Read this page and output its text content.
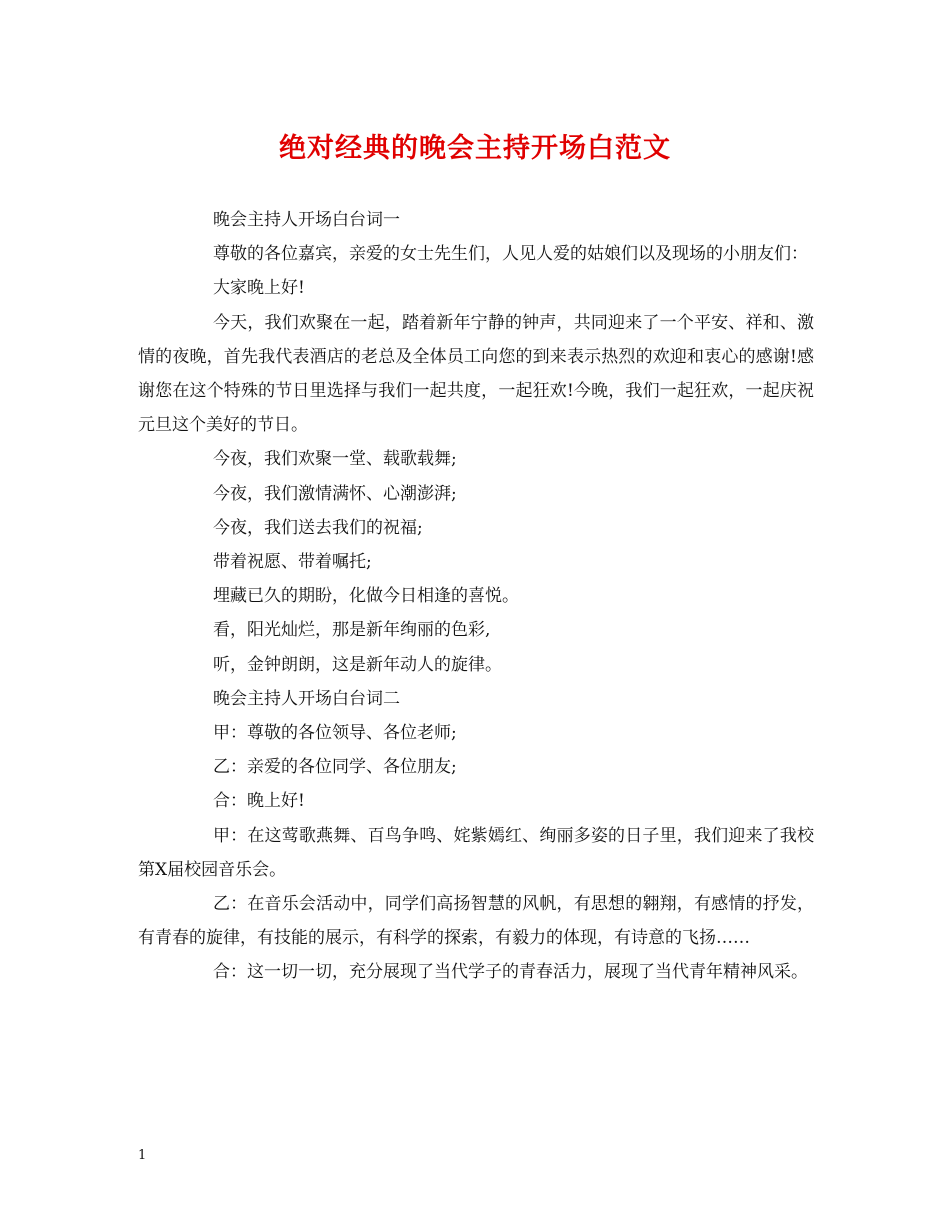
绝对经典的晚会主持开场白范文

晚会主持人开场白台词一

尊敬的各位嘉宾，亲爱的女士先生们，人见人爱的姑娘们以及现场的小朋友们：

大家晚上好!

今天，我们欢聚在一起，踏着新年宁静的钟声，共同迎来了一个平安、祥和、激情的夜晚，首先我代表酒店的老总及全体员工向您的到来表示热烈的欢迎和衷心的感谢!感谢您在这个特殊的节日里选择与我们一起共度，一起狂欢!今晚，我们一起狂欢，一起庆祝元旦这个美好的节日。

今夜，我们欢聚一堂、载歌载舞;

今夜，我们激情满怀、心潮澎湃;

今夜，我们送去我们的祝福;

带着祝愿、带着嘱托;

埋藏已久的期盼，化做今日相逢的喜悦。

看，阳光灿烂，那是新年绚丽的色彩,

听，金钟朗朗，这是新年动人的旋律。

晚会主持人开场白台词二

甲：尊敬的各位领导、各位老师;

乙：亲爱的各位同学、各位朋友;

合：晚上好!

甲：在这莺歌燕舞、百鸟争鸣、姹紫嫣红、绚丽多姿的日子里，我们迎来了我校第X届校园音乐会。

乙：在音乐会活动中，同学们高扬智慧的风帆，有思想的翱翔，有感情的抒发，有青春的旋律，有技能的展示，有科学的探索，有毅力的体现，有诗意的飞扬……

合：这一切一切，充分展现了当代学子的青春活力，展现了当代青年精神风采。

1
